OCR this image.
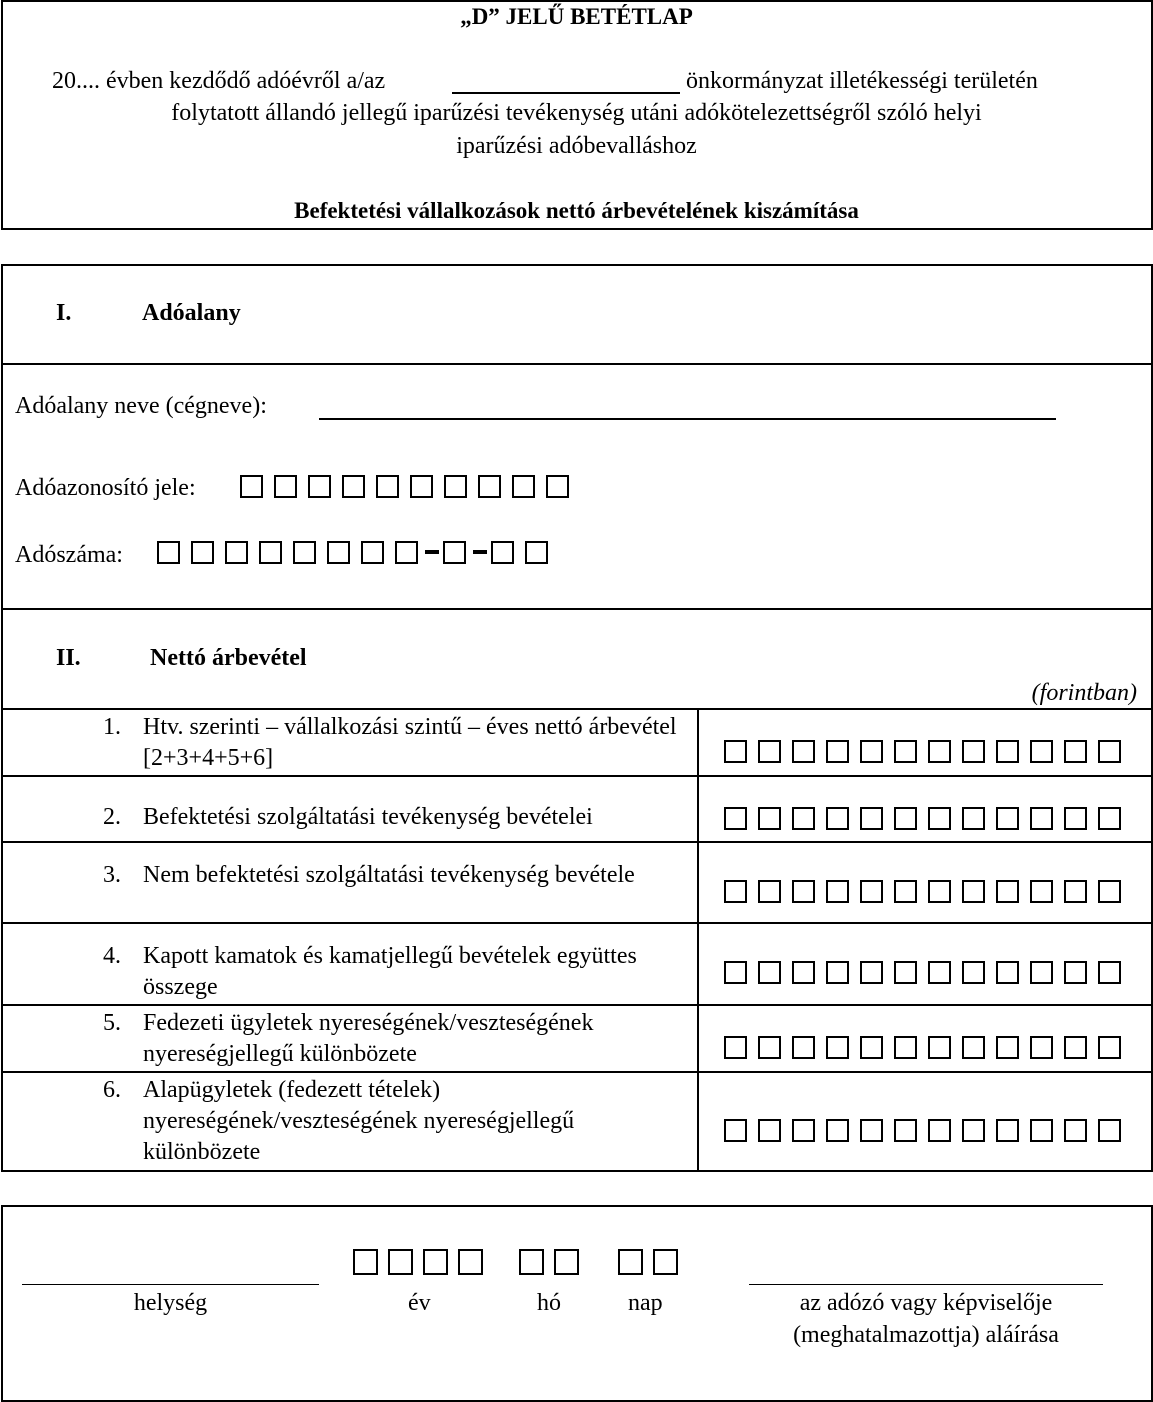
„D” JELŰ BETÉTLAP
20.... évben kezdődő adóévről a/az	önkormányzat illetékességi területén
folytatott állandó jellegű iparűzési tevékenység utáni adókötelezettségről szóló helyi
iparűzési adóbevalláshoz
Befektetési vállalkozások nettó árbevételének kiszámítása
I.	Adóalany
Adóalany neve (cégneve):
Adóazonosító jele:
Adószáma:
II.	Nettó árbevétel
(forintban)
1. Htv. szerinti – vállalkozási szintű – éves nettó árbevétel [2+3+4+5+6]
2. Befektetési szolgáltatási tevékenység bevételei
3. Nem befektetési szolgáltatási tevékenység bevétele
4. Kapott kamatok és kamatjellegű bevételek együttes összege
5. Fedezeti ügyletek nyereségének/veszteségének nyereségjellegű különbözete
6. Alapügyletek (fedezett tételek) nyereségének/veszteségének nyereségjellegű különbözete
helység	év	hó	nap	az adózó vagy képviselője
(meghatalmazottja) aláírása
